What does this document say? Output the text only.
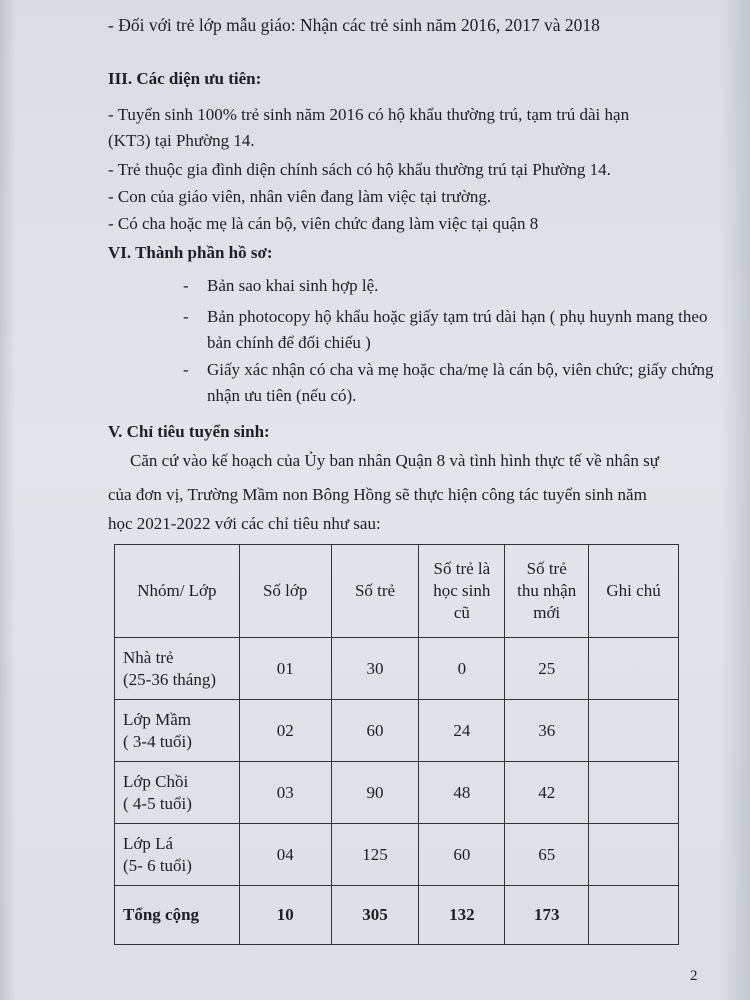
- Đối với trẻ lớp mẫu giáo: Nhận các trẻ sinh năm 2016, 2017 và 2018
III. Các diện ưu tiên:
- Tuyển sinh 100% trẻ sinh năm 2016 có hộ khẩu thường trú, tạm trú dài hạn
(KT3) tại Phường 14.
- Trẻ thuộc gia đình diện chính sách có hộ khẩu thường trú tại Phường 14.
- Con của giáo viên, nhân viên đang làm việc tại trường.
- Có cha hoặc mẹ là cán bộ, viên chức đang làm việc tại quận 8
VI. Thành phần hồ sơ:
- Bản sao khai sinh hợp lệ.
- Bản photocopy hộ khẩu hoặc giấy tạm trú dài hạn ( phụ huynh mang theo bản chính để đối chiếu )
- Giấy xác nhận có cha và mẹ hoặc cha/mẹ là cán bộ, viên chức; giấy chứng nhận ưu tiên (nếu có).
V. Chỉ tiêu tuyển sinh:
Căn cứ vào kế hoạch của Ủy ban nhân Quận 8 và tình hình thực tế về nhân sự
của đơn vị, Trường Mầm non Bông Hồng sẽ thực hiện công tác tuyển sinh năm
học 2021-2022 với các chỉ tiêu như sau:
Nhóm/ Lớp	Số lớp	Số trẻ	Số trẻ là
học sinh
cũ	Số trẻ
thu nhận
mới	Ghi chú
Nhà trẻ
(25-36 tháng)	01	30	0	25	
Lớp Mầm
( 3-4 tuổi)	02	60	24	36	
Lớp Chồi
( 4-5 tuổi)	03	90	48	42	
Lớp Lá
(5- 6 tuổi)	04	125	60	65	
Tổng cộng	10	305	132	173	
2
